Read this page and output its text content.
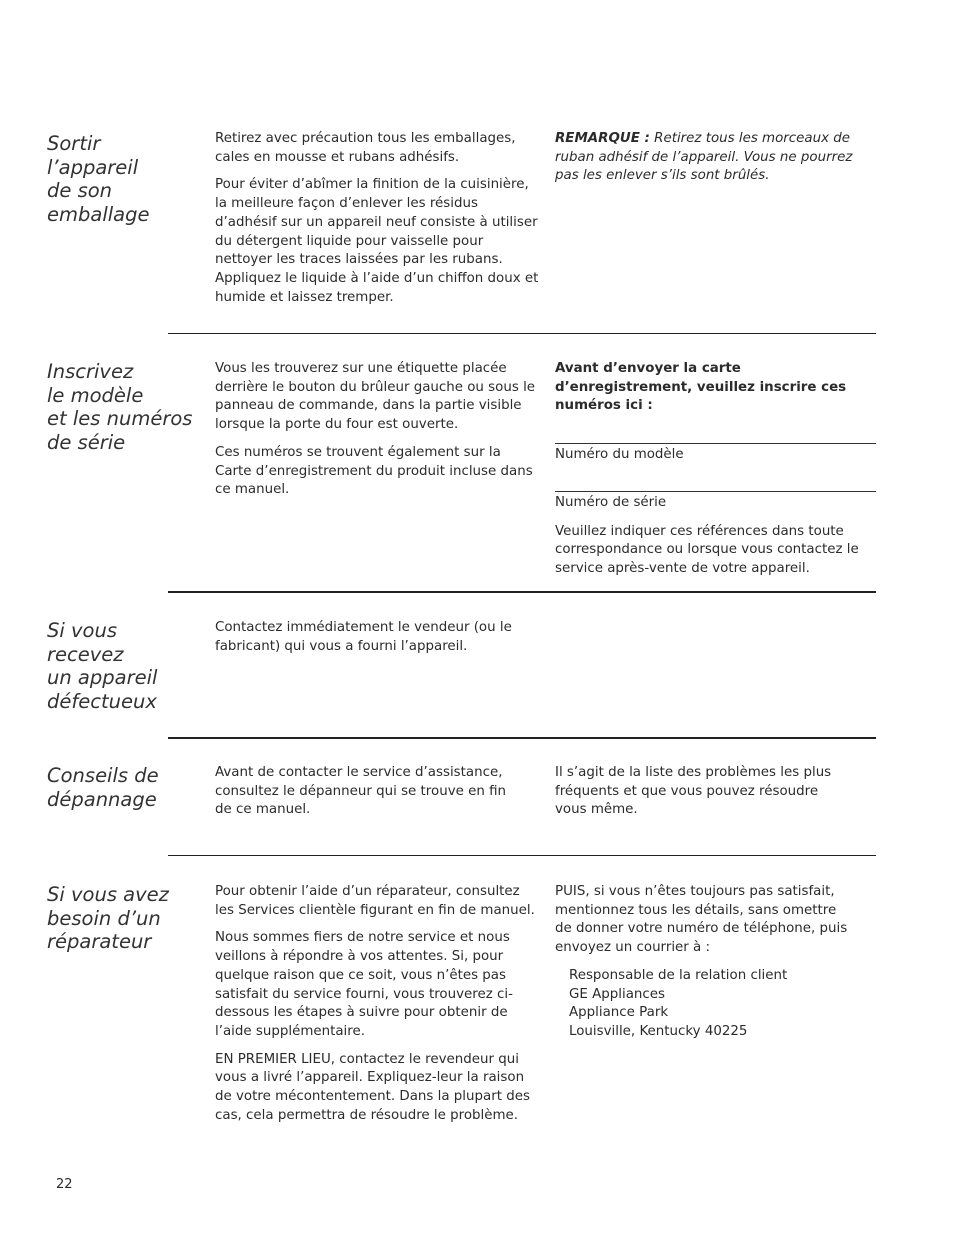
Sortir
l’appareil
de son
emballage

Retirez avec précaution tous les emballages, cales en mousse et rubans adhésifs.

Pour éviter d’abîmer la finition de la cuisinière, la meilleure façon d’enlever les résidus d’adhésif sur un appareil neuf consiste à utiliser du détergent liquide pour vaisselle pour nettoyer les traces laissées par les rubans. Appliquez le liquide à l’aide d’un chiffon doux et humide et laissez tremper.

REMARQUE : Retirez tous les morceaux de ruban adhésif de l’appareil. Vous ne pourrez pas les enlever s’ils sont brûlés.

Inscrivez
le modèle
et les numéros
de série

Vous les trouverez sur une étiquette placée derrière le bouton du brûleur gauche ou sous le panneau de commande, dans la partie visible lorsque la porte du four est ouverte.

Ces numéros se trouvent également sur la Carte d’enregistrement du produit incluse dans ce manuel.

Avant d’envoyer la carte d’enregistrement, veuillez inscrire ces numéros ici :

Numéro du modèle
Numéro de série

Veuillez indiquer ces références dans toute correspondance ou lorsque vous contactez le service après-vente de votre appareil.

Si vous
recevez
un appareil
défectueux

Contactez immédiatement le vendeur (ou le fabricant) qui vous a fourni l’appareil.

Conseils de
dépannage

Avant de contacter le service d’assistance, consultez le dépanneur qui se trouve en fin de ce manuel.

Il s’agit de la liste des problèmes les plus fréquents et que vous pouvez résoudre vous même.

Si vous avez
besoin d’un
réparateur

Pour obtenir l’aide d’un réparateur, consultez les Services clientèle figurant en fin de manuel.

Nous sommes fiers de notre service et nous veillons à répondre à vos attentes. Si, pour quelque raison que ce soit, vous n’êtes pas satisfait du service fourni, vous trouverez ci-dessous les étapes à suivre pour obtenir de l’aide supplémentaire.

EN PREMIER LIEU, contactez le revendeur qui vous a livré l’appareil. Expliquez-leur la raison de votre mécontentement. Dans la plupart des cas, cela permettra de résoudre le problème.

PUIS, si vous n’êtes toujours pas satisfait, mentionnez tous les détails, sans omettre de donner votre numéro de téléphone, puis envoyez un courrier à :

Responsable de la relation client
GE Appliances
Appliance Park
Louisville, Kentucky 40225
22
